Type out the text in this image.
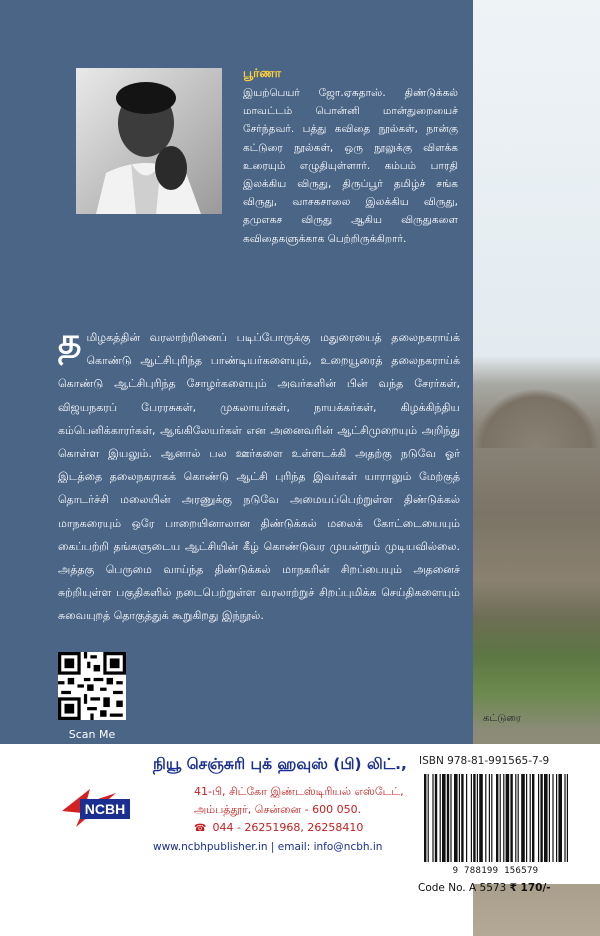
கட்டுரை
பூர்ணா
இயற்பெயர் ஜோ.ஏசுதாஸ். திண்டுக்கல் மாவட்டம் பொன்னி மான்துறையைச் சேர்ந்தவர். பத்து கவிதை நூல்கள், நான்கு கட்டுரை நூல்கள், ஒரு நூலுக்கு விளக்க உரையும் எழுதியுள்ளார். கம்பம் பாரதி இலக்கிய விருது, திருப்பூர் தமிழ்ச் சங்க விருது, வாசகசாலை இலக்கிய விருது, தமுஎகச விருது ஆகிய விருதுகளை கவிதைகளுக்காக பெற்றிருக்கிறார்.
தமிழகத்தின் வரலாற்றினைப் படிப்போருக்கு மதுரையைத் தலைநகராய்க் கொண்டு ஆட்சிபுரிந்த பாண்டியர்களையும், உறையூரைத் தலைநகராய்க் கொண்டு ஆட்சிபுரிந்த சோழர்களையும் அவர்களின் பின் வந்த சேரர்கள், விஜயநகரப் பேரரசுகள், முகலாயர்கள், நாயக்கர்கள், கிழக்கிந்திய கம்பெனிக்காரர்கள், ஆங்கிலேயர்கள் என அனைவரின் ஆட்சிமுறையும் அறிந்து கொள்ள இயலும். ஆனால் பல ஊர்களை உள்ளடக்கி அதற்கு நடுவே ஓர் இடத்தை தலைநகராகக் கொண்டு ஆட்சி புரிந்த இவர்கள் யாராலும் மேற்குத் தொடர்ச்சி மலையின் அரணுக்கு நடுவே அமையப்பெற்றுள்ள திண்டுக்கல் மாநகரையும் ஒரே பாறையினாலான திண்டுக்கல் மலைக் கோட்டையையும் கைப்பற்றி தங்களுடைய ஆட்சியின் கீழ் கொண்டுவர முயன்றும் முடியவில்லை. அத்தகு பெருமை வாய்ந்த திண்டுக்கல் மாநகரின் சிறப்பையும் அதனைச் சுற்றியுள்ள பகுதிகளில் நடைபெற்றுள்ள வரலாற்றுச் சிறப்புமிக்க செய்திகளையும் சுவையுறத் தொகுத்துக் கூறுகிறது இந்நூல்.
Scan Me
NCBH
நியூ செஞ்சுரி புக் ஹவுஸ் (பி) லிட்.,
41-பி, சிட்கோ இண்டஸ்டிரியல் எஸ்டேட்,
அம்பத்தூர், சென்னை - 600 050.
☎ 044 - 26251968, 26258410
www.ncbhpublisher.in | email: info@ncbh.in
ISBN 978-81-991565-7-9
9 788199 156579
Code No. A 5573 ₹ 170/-
